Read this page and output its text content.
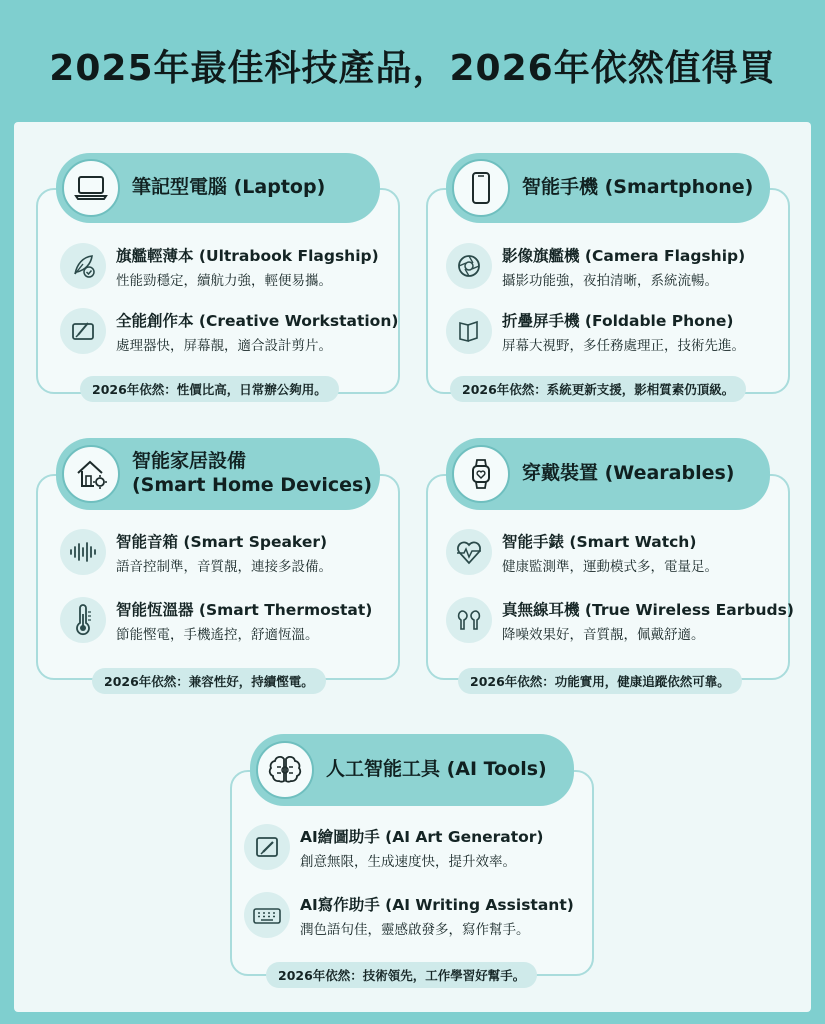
2025年最佳科技產品，2026年依然值得買
筆記型電腦 (Laptop)
旗艦輕薄本 (Ultrabook Flagship)
性能勁穩定，續航力強，輕便易攜。
全能創作本 (Creative Workstation)
處理器快，屏幕靚，適合設計剪片。
2026年依然：性價比高，日常辦公夠用。
智能手機 (Smartphone)
影像旗艦機 (Camera Flagship)
攝影功能強，夜拍清晰，系統流暢。
折疊屏手機 (Foldable Phone)
屏幕大視野，多任務處理正，技術先進。
2026年依然：系統更新支援，影相質素仍頂級。
智能家居設備
(Smart Home Devices)
智能音箱 (Smart Speaker)
語音控制準，音質靚，連接多設備。
智能恆溫器 (Smart Thermostat)
節能慳電，手機遙控，舒適恆溫。
2026年依然：兼容性好，持續慳電。
穿戴裝置 (Wearables)
智能手錶 (Smart Watch)
健康監測準，運動模式多，電量足。
真無線耳機 (True Wireless Earbuds)
降噪效果好，音質靚，佩戴舒適。
2026年依然：功能實用，健康追蹤依然可靠。
人工智能工具 (AI Tools)
AI繪圖助手 (AI Art Generator)
創意無限，生成速度快，提升效率。
AI寫作助手 (AI Writing Assistant)
潤色語句佳，靈感啟發多，寫作幫手。
2026年依然：技術領先，工作學習好幫手。
